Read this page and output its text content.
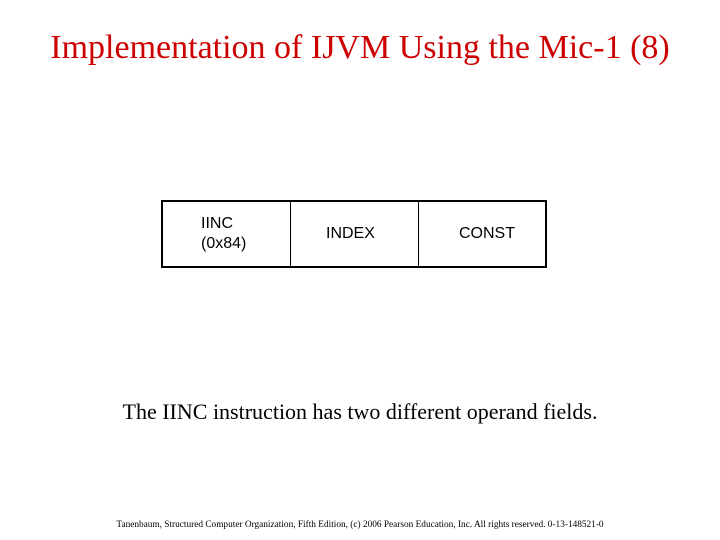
Implementation of IJVM Using the Mic-1 (8)
IINC
(0x84)
INDEX	CONST
The IINC instruction has two different operand fields.
Tanenbaum, Structured Computer Organization, Fifth Edition, (c) 2006 Pearson Education, Inc. All rights reserved. 0-13-148521-0
